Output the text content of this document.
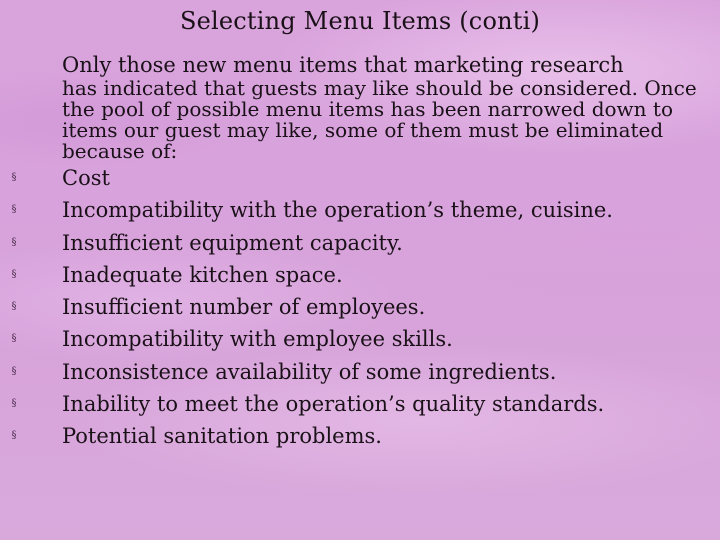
Selecting Menu Items (conti)

Only those new menu items that marketing research
has indicated that guests may like should be considered. Once the pool of possible menu items has been narrowed down to items our guest may like, some of them must be eliminated because of:

§ Cost
§ Incompatibility with the operation’s theme, cuisine.
§ Insufficient equipment capacity.
§ Inadequate kitchen space.
§ Insufficient number of employees.
§ Incompatibility with employee skills.
§ Inconsistence availability of some ingredients.
§ Inability to meet the operation’s quality standards.
§ Potential sanitation problems.
